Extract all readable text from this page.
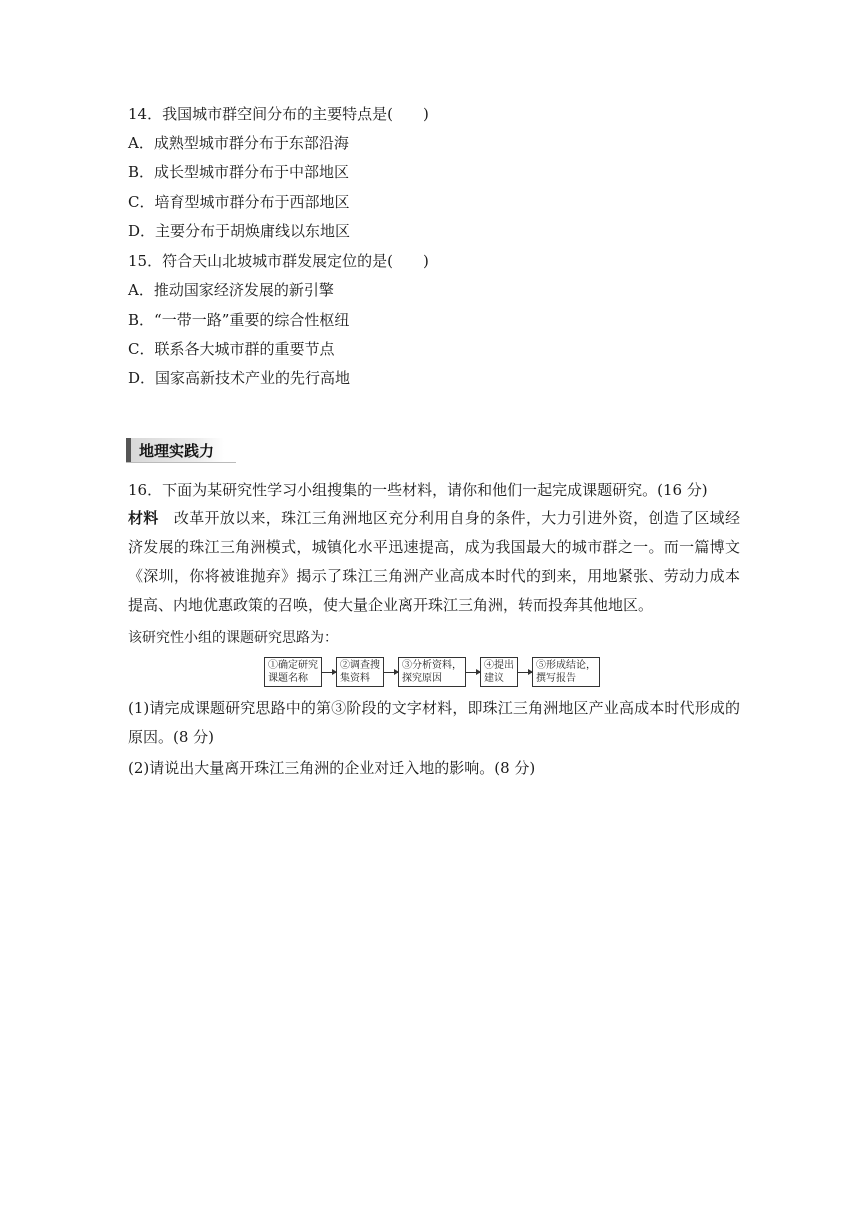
14．我国城市群空间分布的主要特点是(　　)
A．成熟型城市群分布于东部沿海
B．成长型城市群分布于中部地区
C．培育型城市群分布于西部地区
D．主要分布于胡焕庸线以东地区
15．符合天山北坡城市群发展定位的是(　　)
A．推动国家经济发展的新引擎
B．“一带一路”重要的综合性枢纽
C．联系各大城市群的重要节点
D．国家高新技术产业的先行高地
地理实践力
16．下面为某研究性学习小组搜集的一些材料，请你和他们一起完成课题研究。(16 分)
材料　改革开放以来，珠江三角洲地区充分利用自身的条件，大力引进外资，创造了区域经济发展的珠江三角洲模式，城镇化水平迅速提高，成为我国最大的城市群之一。而一篇博文《深圳，你将被谁抛弃》揭示了珠江三角洲产业高成本时代的到来，用地紧张、劳动力成本提高、内地优惠政策的召唤，使大量企业离开珠江三角洲，转而投奔其他地区。
该研究性小组的课题研究思路为：
①确定研究
课题名称
②调查搜
集资料
③分析资料，
探究原因
④提出
建议
⑤形成结论，
撰写报告
(1)请完成课题研究思路中的第③阶段的文字材料，即珠江三角洲地区产业高成本时代形成的原因。(8 分)
(2)请说出大量离开珠江三角洲的企业对迁入地的影响。(8 分)
